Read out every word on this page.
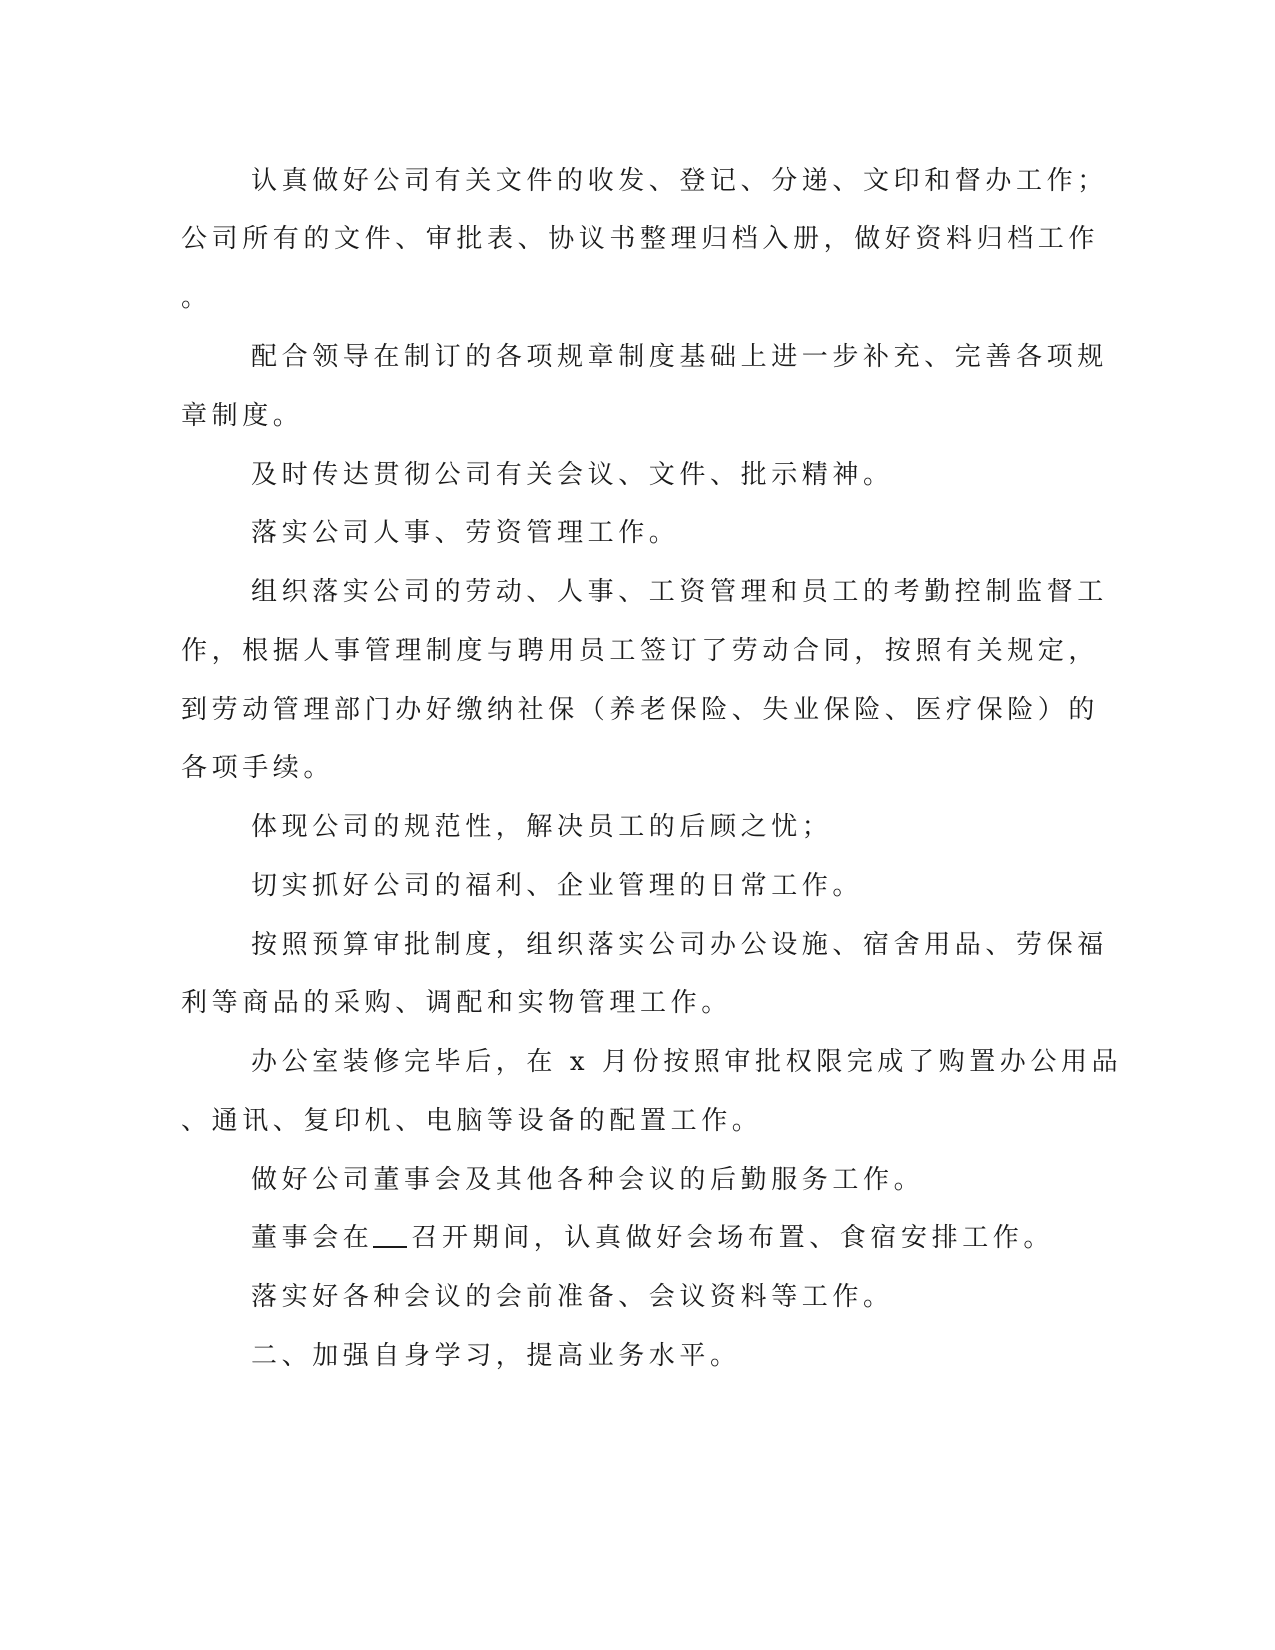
认真做好公司有关文件的收发、登记、分递、文印和督办工作；
公司所有的文件、审批表、协议书整理归档入册，做好资料归档工作
。
配合领导在制订的各项规章制度基础上进一步补充、完善各项规
章制度。
及时传达贯彻公司有关会议、文件、批示精神。
落实公司人事、劳资管理工作。
组织落实公司的劳动、人事、工资管理和员工的考勤控制监督工
作，根据人事管理制度与聘用员工签订了劳动合同，按照有关规定，
到劳动管理部门办好缴纳社保（养老保险、失业保险、医疗保险）的
各项手续。
体现公司的规范性，解决员工的后顾之忧；
切实抓好公司的福利、企业管理的日常工作。
按照预算审批制度，组织落实公司办公设施、宿舍用品、劳保福
利等商品的采购、调配和实物管理工作。
办公室装修完毕后，在 x 月份按照审批权限完成了购置办公用品
、通讯、复印机、电脑等设备的配置工作。
做好公司董事会及其他各种会议的后勤服务工作。
董事会在 召开期间，认真做好会场布置、食宿安排工作。
落实好各种会议的会前准备、会议资料等工作。
二、加强自身学习，提高业务水平。
